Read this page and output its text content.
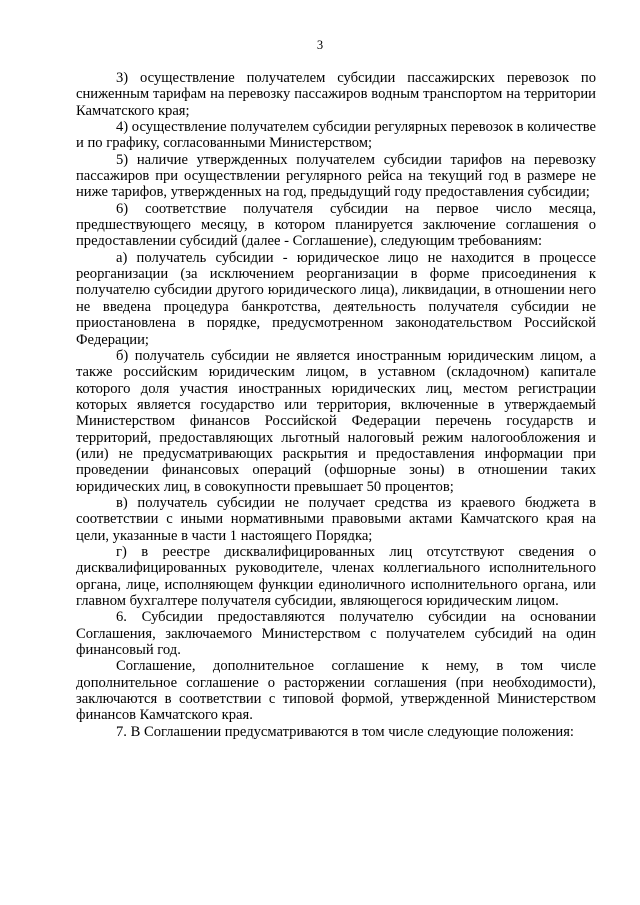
3

3) осуществление получателем субсидии пассажирских перевозок по сниженным тарифам на перевозку пассажиров водным транспортом на территории Камчатского края;

4) осуществление получателем субсидии регулярных перевозок в количестве и по графику, согласованными Министерством;

5) наличие утвержденных получателем субсидии тарифов на перевозку пассажиров при осуществлении регулярного рейса на текущий год в размере не ниже тарифов, утвержденных на год, предыдущий году предоставления субсидии;

6) соответствие получателя субсидии на первое число месяца, предшествующего месяцу, в котором планируется заключение соглашения о предоставлении субсидий (далее - Соглашение), следующим требованиям:

а) получатель субсидии - юридическое лицо не находится в процессе реорганизации (за исключением реорганизации в форме присоединения к получателю субсидии другого юридического лица), ликвидации, в отношении него не введена процедура банкротства, деятельность получателя субсидии не приостановлена в порядке, предусмотренном законодательством Российской Федерации;

б) получатель субсидии не является иностранным юридическим лицом, а также российским юридическим лицом, в уставном (складочном) капитале которого доля участия иностранных юридических лиц, местом регистрации которых является государство или территория, включенные в утверждаемый Министерством финансов Российской Федерации перечень государств и территорий, предоставляющих льготный налоговый режим налогообложения и (или) не предусматривающих раскрытия и предоставления информации при проведении финансовых операций (офшорные зоны) в отношении таких юридических лиц, в совокупности превышает 50 процентов;

в) получатель субсидии не получает средства из краевого бюджета в соответствии с иными нормативными правовыми актами Камчатского края на цели, указанные в части 1 настоящего Порядка;

г) в реестре дисквалифицированных лиц отсутствуют сведения о дисквалифицированных руководителе, членах коллегиального исполнительного органа, лице, исполняющем функции единоличного исполнительного органа, или главном бухгалтере получателя субсидии, являющегося юридическим лицом.

6. Субсидии предоставляются получателю субсидии на основании Соглашения, заключаемого Министерством с получателем субсидий на один финансовый год.

Соглашение, дополнительное соглашение к нему, в том числе дополнительное соглашение о расторжении соглашения (при необходимости), заключаются в соответствии с типовой формой, утвержденной Министерством финансов Камчатского края.

7. В Соглашении предусматриваются в том числе следующие положения:
